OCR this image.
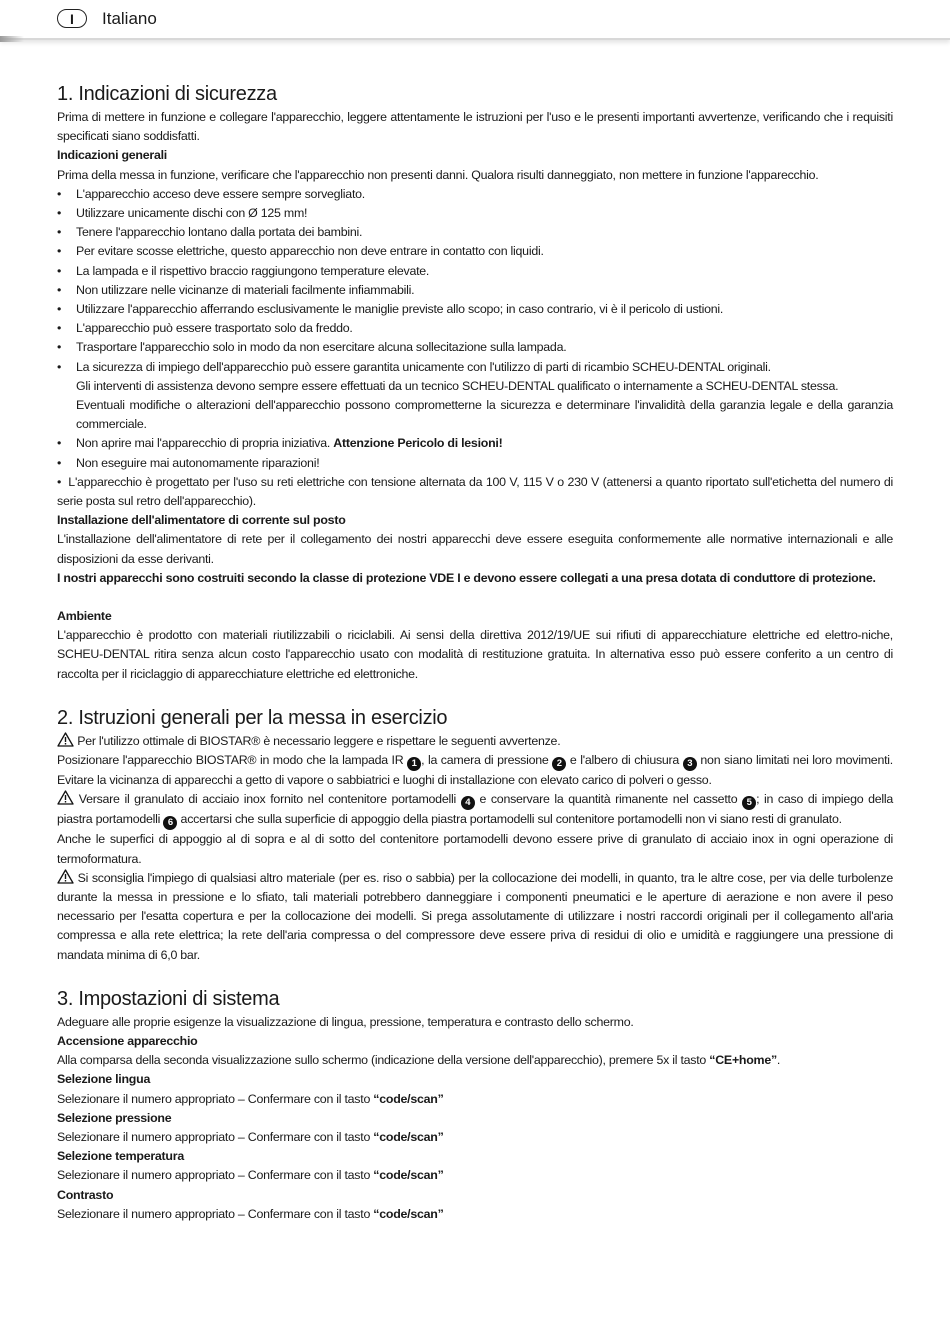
I	Italiano
1. Indicazioni di sicurezza

Prima di mettere in funzione e collegare l'apparecchio, leggere attentamente le istruzioni per l'uso e le presenti importanti avvertenze, verificando che i requisiti specificati siano soddisfatti.

Indicazioni generali

Prima della messa in funzione, verificare che l'apparecchio non presenti danni. Qualora risulti danneggiato, non mettere in funzione l'apparecchio.

• L'apparecchio acceso deve essere sempre sorvegliato.
• Utilizzare unicamente dischi con Ø 125 mm!
• Tenere l'apparecchio lontano dalla portata dei bambini.
• Per evitare scosse elettriche, questo apparecchio non deve entrare in contatto con liquidi.
• La lampada e il rispettivo braccio raggiungono temperature elevate.
• Non utilizzare nelle vicinanze di materiali facilmente infiammabili.
• Utilizzare l'apparecchio afferrando esclusivamente le maniglie previste allo scopo; in caso contrario, vi è il pericolo di ustioni.
• L'apparecchio può essere trasportato solo da freddo.
• Trasportare l'apparecchio solo in modo da non esercitare alcuna sollecitazione sulla lampada.
• La sicurezza di impiego dell'apparecchio può essere garantita unicamente con l'utilizzo di parti di ricambio SCHEU-DENTAL originali.

Gli interventi di assistenza devono sempre essere effettuati da un tecnico SCHEU-DENTAL qualificato o internamente a SCHEU-DENTAL stessa.

Eventuali modifiche o alterazioni dell'apparecchio possono comprometterne la sicurezza e determinare l'invalidità della garanzia legale e della garanzia commerciale.

• Non aprire mai l'apparecchio di propria iniziativa. Attenzione Pericolo di lesioni!
• Non eseguire mai autonomamente riparazioni!

•  L'apparecchio è progettato per l'uso su reti elettriche con tensione alternata da 100 V, 115 V o 230 V (attenersi a quanto riportato sull'etichetta del numero di serie posta sul retro dell'apparecchio).

Installazione dell'alimentatore di corrente sul posto

L'installazione dell'alimentatore di rete per il collegamento dei nostri apparecchi deve essere eseguita conformemente alle normative internazionali e alle disposizioni da esse derivanti.

I nostri apparecchi sono costruiti secondo la classe di protezione VDE I e devono essere collegati a una presa dotata di conduttore di protezione.

Ambiente

L'apparecchio è prodotto con materiali riutilizzabili o riciclabili. Ai sensi della direttiva 2012/19/UE sui rifiuti di apparecchiature elettriche ed elettro-niche, SCHEU-DENTAL ritira senza alcun costo l'apparecchio usato con modalità di restituzione gratuita. In alternativa esso può essere conferito a un centro di raccolta per il riciclaggio di apparecchiature elettriche ed elettroniche.

2. Istruzioni generali per la messa in esercizio

Per l'utilizzo ottimale di BIOSTAR® è necessario leggere e rispettare le seguenti avvertenze.

Posizionare l'apparecchio BIOSTAR® in modo che la lampada IR 1 , la camera di pressione 2 e l'albero di chiusura 3 non siano limitati nei loro movimenti. Evitare la vicinanza di apparecchi a getto di vapore o sabbiatrici e luoghi di installazione con elevato carico di polveri o gesso.

Versare il granulato di acciaio inox fornito nel contenitore portamodelli 4 e conservare la quantità rimanente nel cassetto 5 ; in caso di impiego della piastra portamodelli 6 accertarsi che sulla superficie di appoggio della piastra portamodelli sul contenitore portamodelli non vi siano resti di granulato.

Anche le superfici di appoggio al di sopra e al di sotto del contenitore portamodelli devono essere prive di granulato di acciaio inox in ogni operazione di termoformatura.

Si sconsiglia l'impiego di qualsiasi altro materiale (per es. riso o sabbia) per la collocazione dei modelli, in quanto, tra le altre cose, per via delle turbolenze durante la messa in pressione e lo sfiato, tali materiali potrebbero danneggiare i componenti pneumatici e le aperture di aerazione e non avere il peso necessario per l'esatta copertura e per la collocazione dei modelli. Si prega assolutamente di utilizzare i nostri raccordi originali per il collegamento all'aria compressa e alla rete elettrica; la rete dell'aria compressa o del compressore deve essere priva di residui di olio e umidità e raggiungere una pressione di mandata minima di 6,0 bar.

3. Impostazioni di sistema

Adeguare alle proprie esigenze la visualizzazione di lingua, pressione, temperatura e contrasto dello schermo.

Accensione apparecchio

Alla comparsa della seconda visualizzazione sullo schermo (indicazione della versione dell'apparecchio), premere 5x il tasto “CE+home”.

Selezione lingua

Selezionare il numero appropriato – Confermare con il tasto “code/scan”

Selezione pressione

Selezionare il numero appropriato – Confermare con il tasto “code/scan”

Selezione temperatura

Selezionare il numero appropriato – Confermare con il tasto “code/scan”

Contrasto

Selezionare il numero appropriato – Confermare con il tasto “code/scan”
